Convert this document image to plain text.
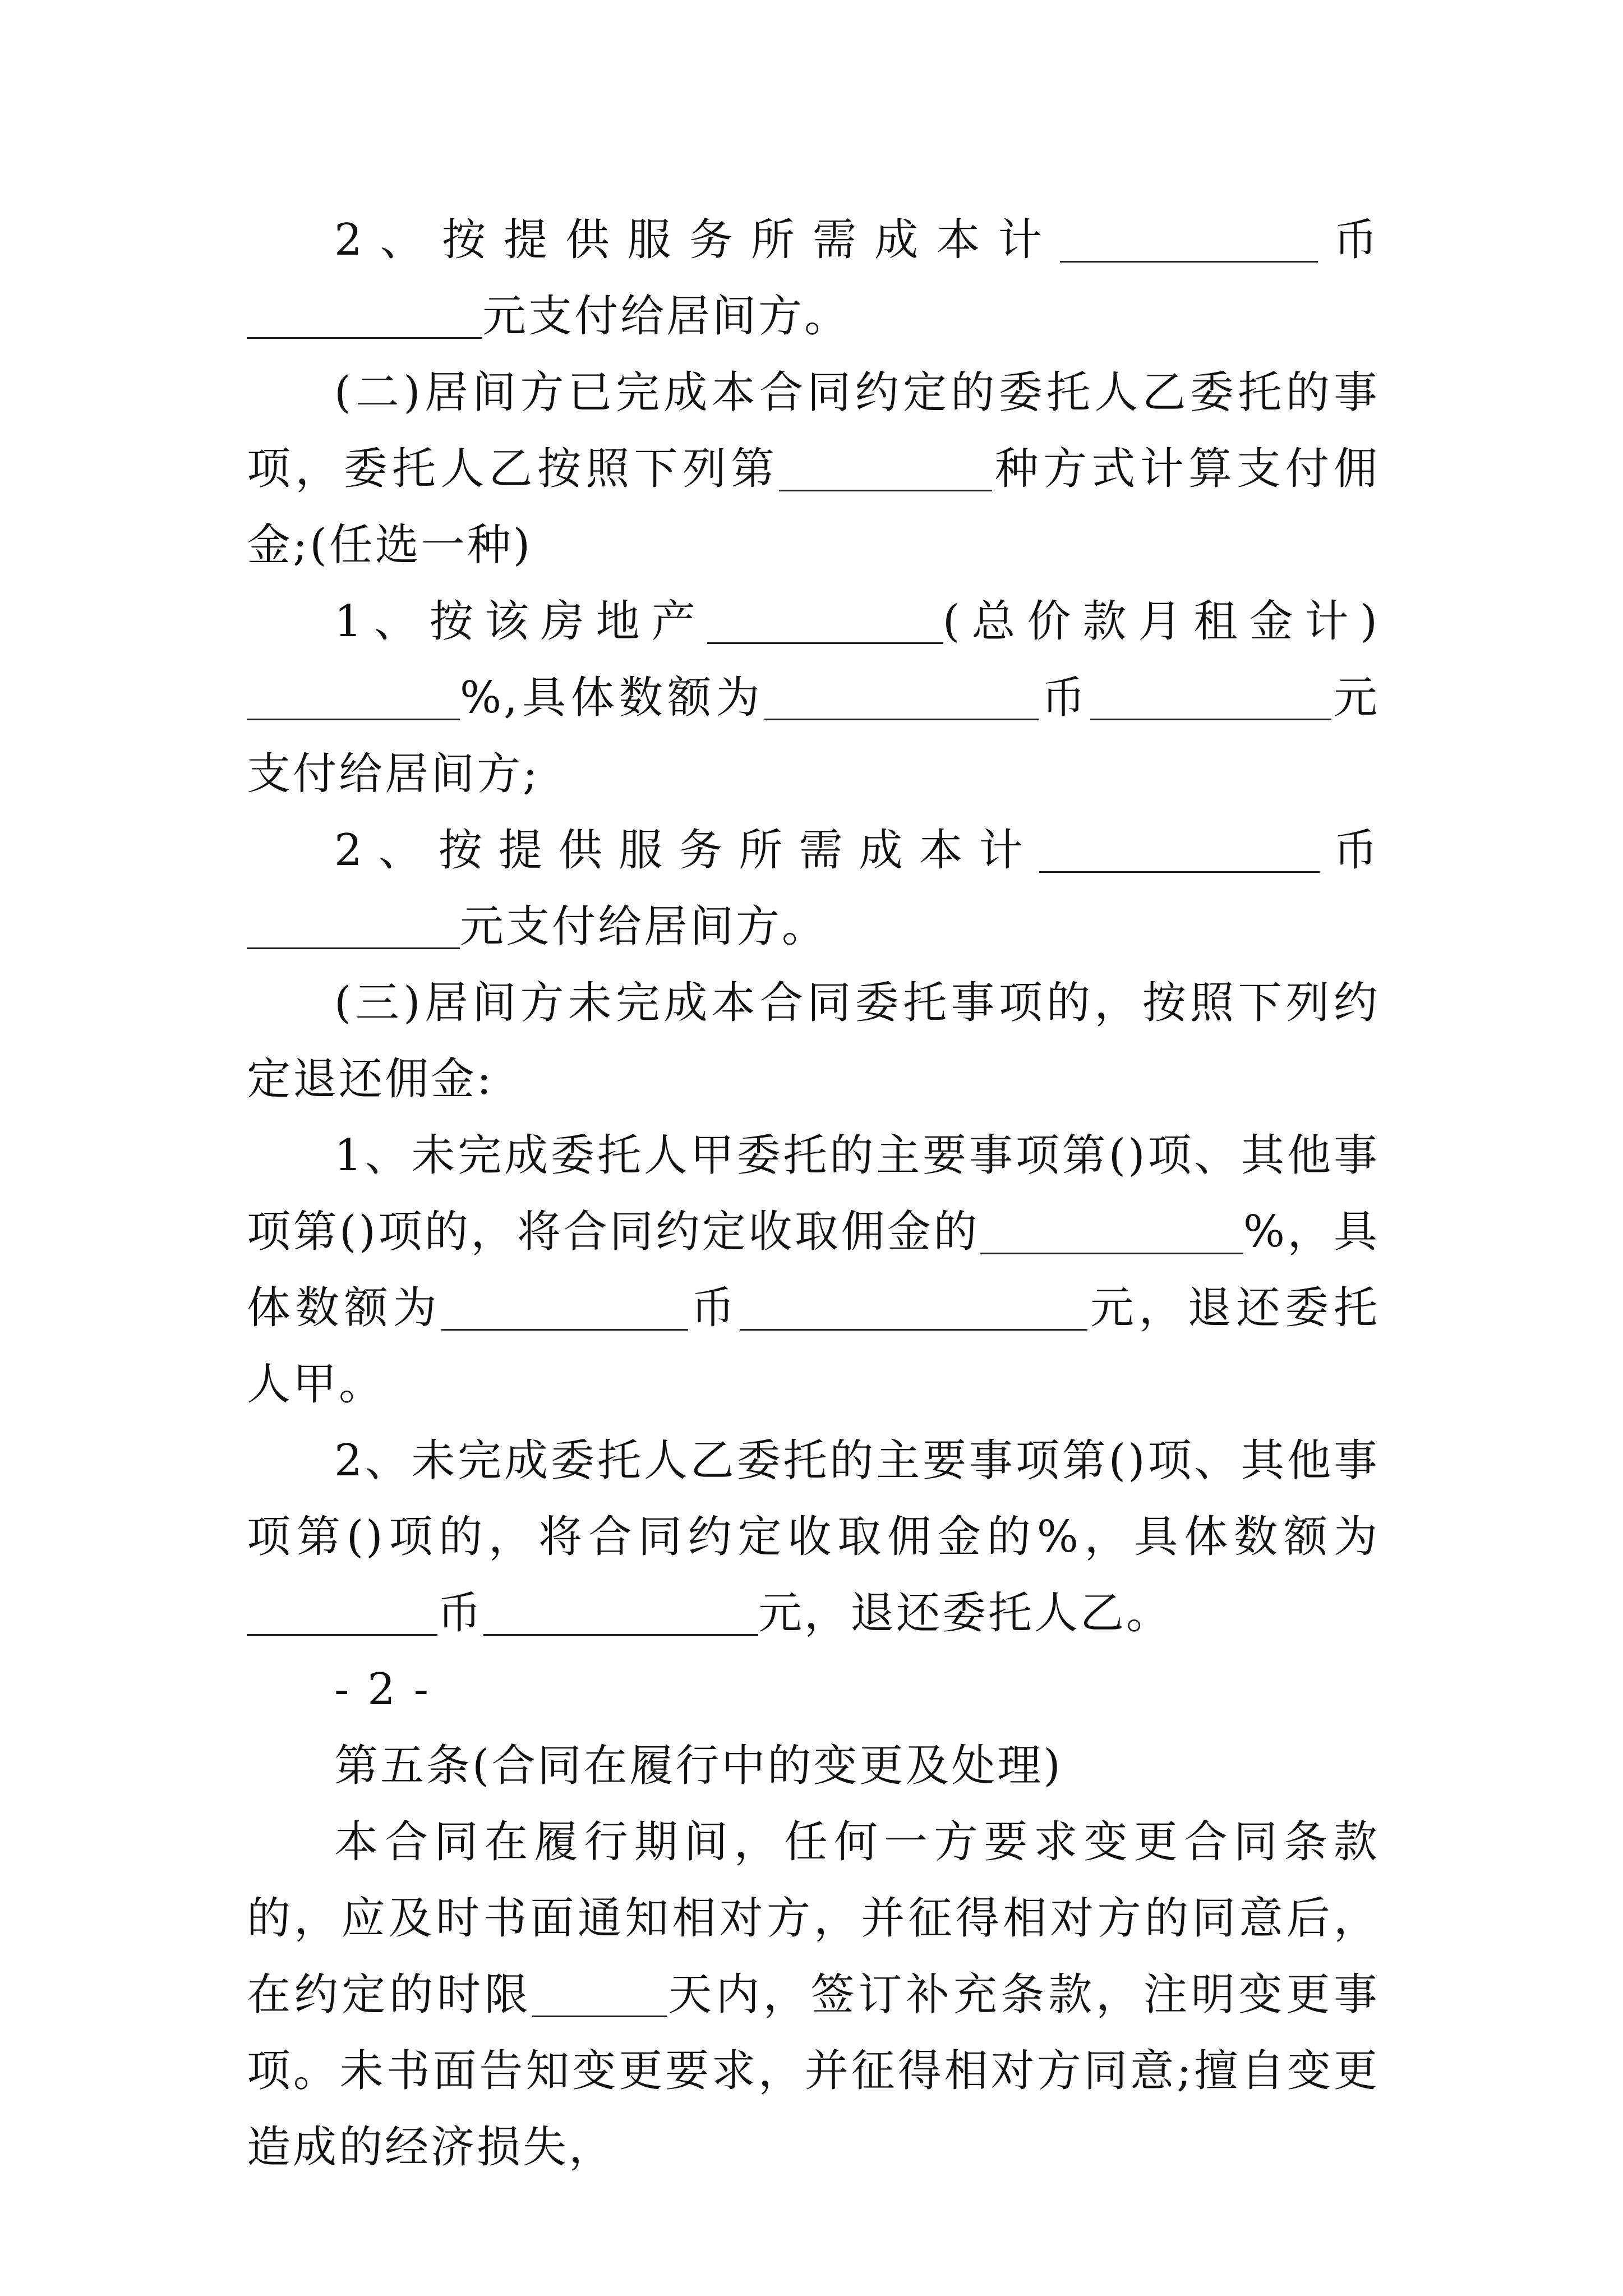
2、按提供服务所需成本计	币元支付给居间方。

(二)居间方已完成本合同约定的委托人乙委托的事项，委托人乙按照下列第	种方式计算支付佣金;(任选一种)

1、按该房地产	(总价款月租金计)%,具体数额为	币	元支付给居间方;

2、按提供服务所需成本计	币元支付给居间方。

(三)居间方未完成本合同委托事项的，按照下列约定退还佣金:

1、未完成委托人甲委托的主要事项第()项、其他事项第()项的，将合同约定收取佣金的	%，具体数额为	币	元，退还委托人甲。

2、未完成委托人乙委托的主要事项第()项、其他事项第()项的，将合同约定收取佣金的%，具体数额为币	元，退还委托人乙。

- 2 -

第五条(合同在履行中的变更及处理)

本合同在履行期间，任何一方要求变更合同条款的，应及时书面通知相对方，并征得相对方的同意后，在约定的时限	天内，签订补充条款，注明变更事项。未书面告知变更要求，并征得相对方同意;擅自变更造成的经济损失，
